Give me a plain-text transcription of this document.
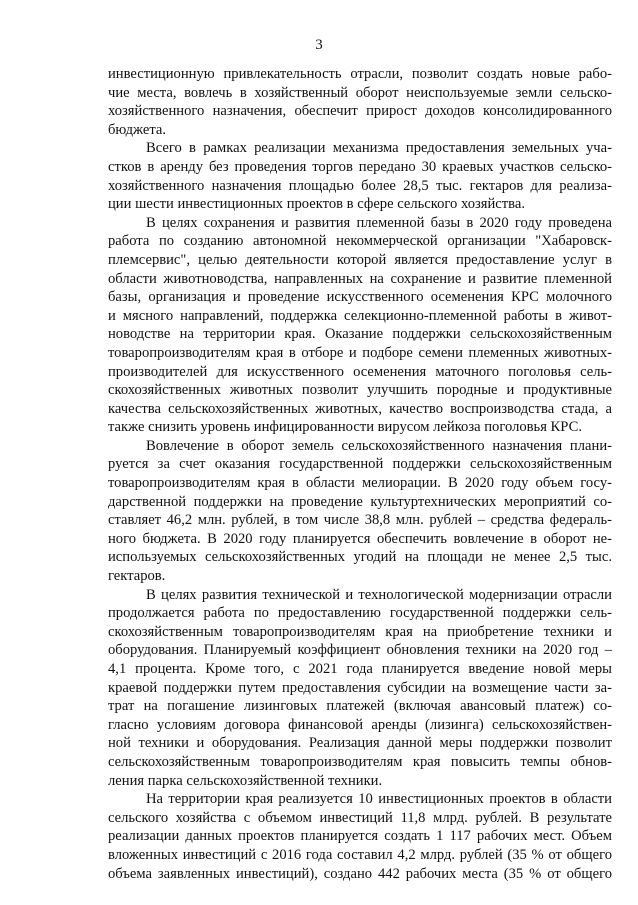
3
инвестиционную привлекательность отрасли, позволит создать новые рабо-
чие места, вовлечь в хозяйственный оборот неиспользуемые земли сельско-
хозяйственного назначения, обеспечит прирост доходов консолидированного
бюджета.
Всего в рамках реализации механизма предоставления земельных уча-
стков в аренду без проведения торгов передано 30 краевых участков сельско-
хозяйственного назначения площадью более 28,5 тыс. гектаров для реализа-
ции шести инвестиционных проектов в сфере сельского хозяйства.
В целях сохранения и развития племенной базы в 2020 году проведена
работа по созданию автономной некоммерческой организации "Хабаровск-
племсервис", целью деятельности которой является предоставление услуг в
области животноводства, направленных на сохранение и развитие племенной
базы, организация и проведение искусственного осеменения КРС молочного
и мясного направлений, поддержка селекционно-племенной работы в живот-
новодстве на территории края. Оказание поддержки сельскохозяйственным
товаропроизводителям края в отборе и подборе семени племенных животных-
производителей для искусственного осеменения маточного поголовья сель-
скохозяйственных животных позволит улучшить породные и продуктивные
качества сельскохозяйственных животных, качество воспроизводства стада, а
также снизить уровень инфицированности вирусом лейкоза поголовья КРС.
Вовлечение в оборот земель сельскохозяйственного назначения плани-
руется за счет оказания государственной поддержки сельскохозяйственным
товаропроизводителям края в области мелиорации. В 2020 году объем госу-
дарственной поддержки на проведение культуртехнических мероприятий со-
ставляет 46,2 млн. рублей, в том числе 38,8 млн. рублей – средства федераль-
ного бюджета. В 2020 году планируется обеспечить вовлечение в оборот не-
используемых сельскохозяйственных угодий на площади не менее 2,5 тыс.
гектаров.
В целях развития технической и технологической модернизации отрасли
продолжается работа по предоставлению государственной поддержки сель-
скохозяйственным товаропроизводителям края на приобретение техники и
оборудования. Планируемый коэффициент обновления техники на 2020 год –
4,1 процента. Кроме того, с 2021 года планируется введение новой меры
краевой поддержки путем предоставления субсидии на возмещение части за-
трат на погашение лизинговых платежей (включая авансовый платеж) со-
гласно условиям договора финансовой аренды (лизинга) сельскохозяйствен-
ной техники и оборудования. Реализация данной меры поддержки позволит
сельскохозяйственным товаропроизводителям края повысить темпы обнов-
ления парка сельскохозяйственной техники.
На территории края реализуется 10 инвестиционных проектов в области
сельского хозяйства с объемом инвестиций 11,8 млрд. рублей. В результате
реализации данных проектов планируется создать 1 117 рабочих мест. Объем
вложенных инвестиций с 2016 года составил 4,2 млрд. рублей (35 % от общего
объема заявленных инвестиций), создано 442 рабочих места (35 % от общего
